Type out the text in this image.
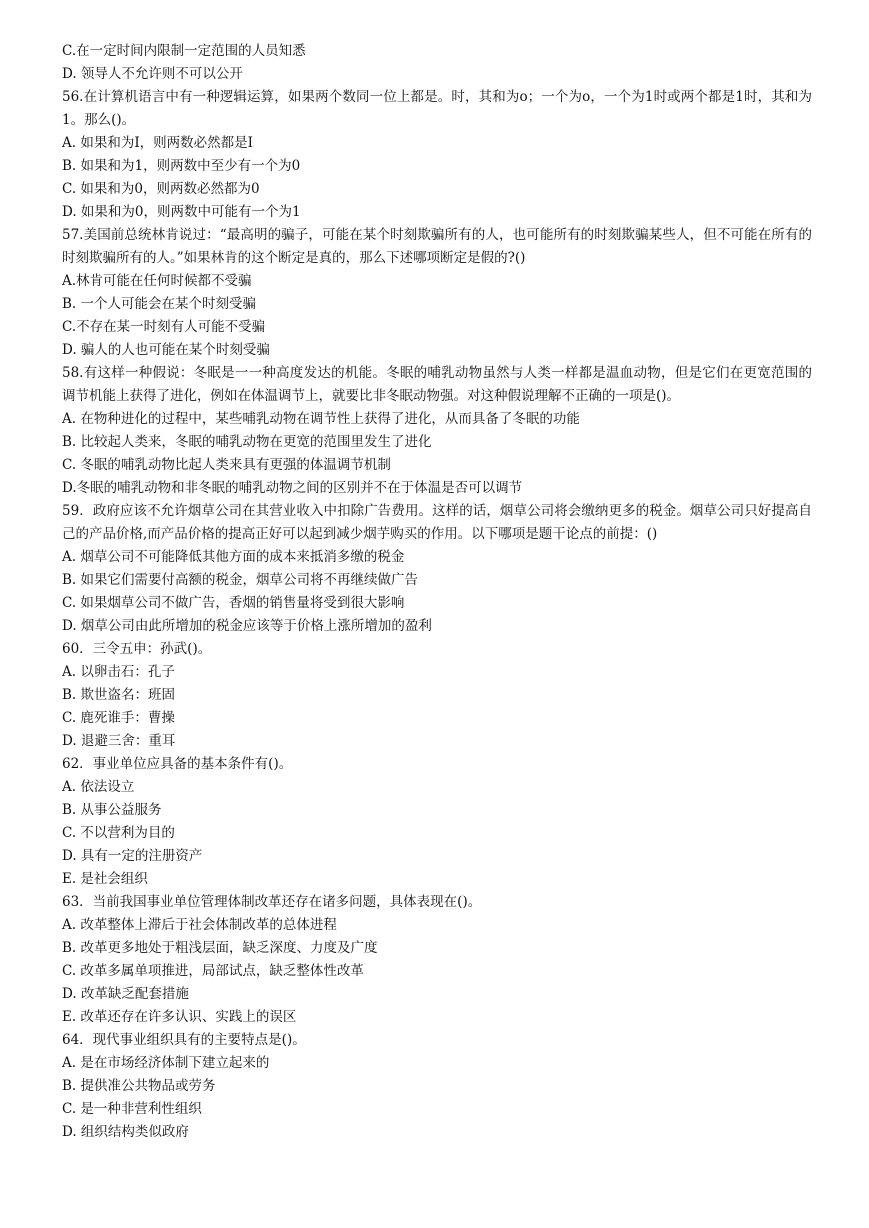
C.在一定时间内限制一定范围的人员知悉

D. 领导人不允许则不可以公开

56.在计算机语言中有一种逻辑运算，如果两个数同一位上都是。时，其和为o；一个为o，一个为1时或两个都是1时，其和为1。那么()。

A. 如果和为I，则两数必然都是I

B. 如果和为1，则两数中至少有一个为0

C. 如果和为0，则两数必然都为0

D. 如果和为0，则两数中可能有一个为1

57.美国前总统林肯说过：“最高明的骗子，可能在某个时刻欺骗所有的人，也可能所有的时刻欺骗某些人，但不可能在所有的时刻欺骗所有的人。”如果林肯的这个断定是真的，那么下述哪项断定是假的?()

A.林肯可能在任何时候都不受骗

B. 一个人可能会在某个时刻受骗

C.不存在某一时刻有人可能不受骗

D. 骗人的人也可能在某个时刻受骗

58.有这样一种假说：冬眠是一一种高度发达的机能。冬眠的哺乳动物虽然与人类一样都是温血动物，但是它们在更宽范围的调节机能上获得了进化，例如在体温调节上，就要比非冬眠动物强。对这种假说理解不正确的一项是()。

A. 在物种进化的过程中，某些哺乳动物在调节性上获得了进化，从而具备了冬眠的功能

B. 比较起人类来，冬眠的哺乳动物在更宽的范围里发生了进化

C. 冬眠的哺乳动物比起人类来具有更强的体温调节机制

D.冬眠的哺乳动物和非冬眠的哺乳动物之间的区别并不在于体温是否可以调节

59．政府应该不允许烟草公司在其营业收入中扣除广告费用。这样的话，烟草公司将会缴纳更多的税金。烟草公司只好提高自己的产品价格,而产品价格的提高正好可以起到减少烟芋购买的作用。以下哪项是题干论点的前提：()

A. 烟草公司不可能降低其他方面的成本来抵消多缴的税金

B. 如果它们需要付高额的税金，烟草公司将不再继续做广告

C. 如果烟草公司不做广告，香烟的销售量将受到很大影响

D. 烟草公司由此所增加的税金应该等于价格上涨所增加的盈利

60．三令五申：孙武()。

A. 以卵击石：孔子

B. 欺世盗名：班固

C. 鹿死谁手：曹操

D. 退避三舍：重耳

62．事业单位应具备的基本条件有()。

A. 依法设立

B. 从事公益服务

C. 不以营利为目的

D. 具有一定的注册资产

E. 是社会组织

63．当前我国事业单位管理体制改革还存在诸多问题，具体表现在()。

A. 改革整体上滞后于社会体制改革的总体进程

B. 改革更多地处于粗浅层面，缺乏深度、力度及广度

C. 改革多属单项推进，局部试点，缺乏整体性改革

D. 改革缺乏配套措施

E. 改革还存在许多认识、实践上的误区

64．现代事业组织具有的主要特点是()。

A. 是在市场经济体制下建立起来的

B. 提供准公共物品或劳务

C. 是一种非营利性组织

D. 组织结构类似政府
